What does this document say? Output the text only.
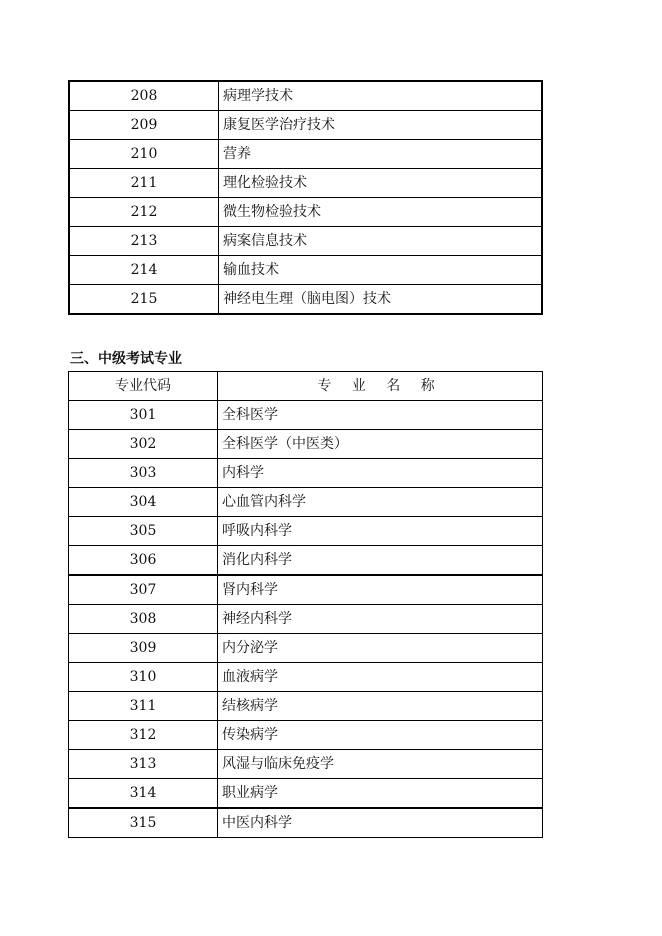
208	病理学技术
209	康复医学治疗技术
210	营养
211	理化检验技术
212	微生物检验技术
213	病案信息技术
214	输血技术
215	神经电生理（脑电图）技术
三、中级考试专业
专业代码	专 业 名 称
301	全科医学
302	全科医学（中医类）
303	内科学
304	心血管内科学
305	呼吸内科学
306	消化内科学
307	肾内科学
308	神经内科学
309	内分泌学
310	血液病学
311	结核病学
312	传染病学
313	风湿与临床免疫学
314	职业病学
315	中医内科学
